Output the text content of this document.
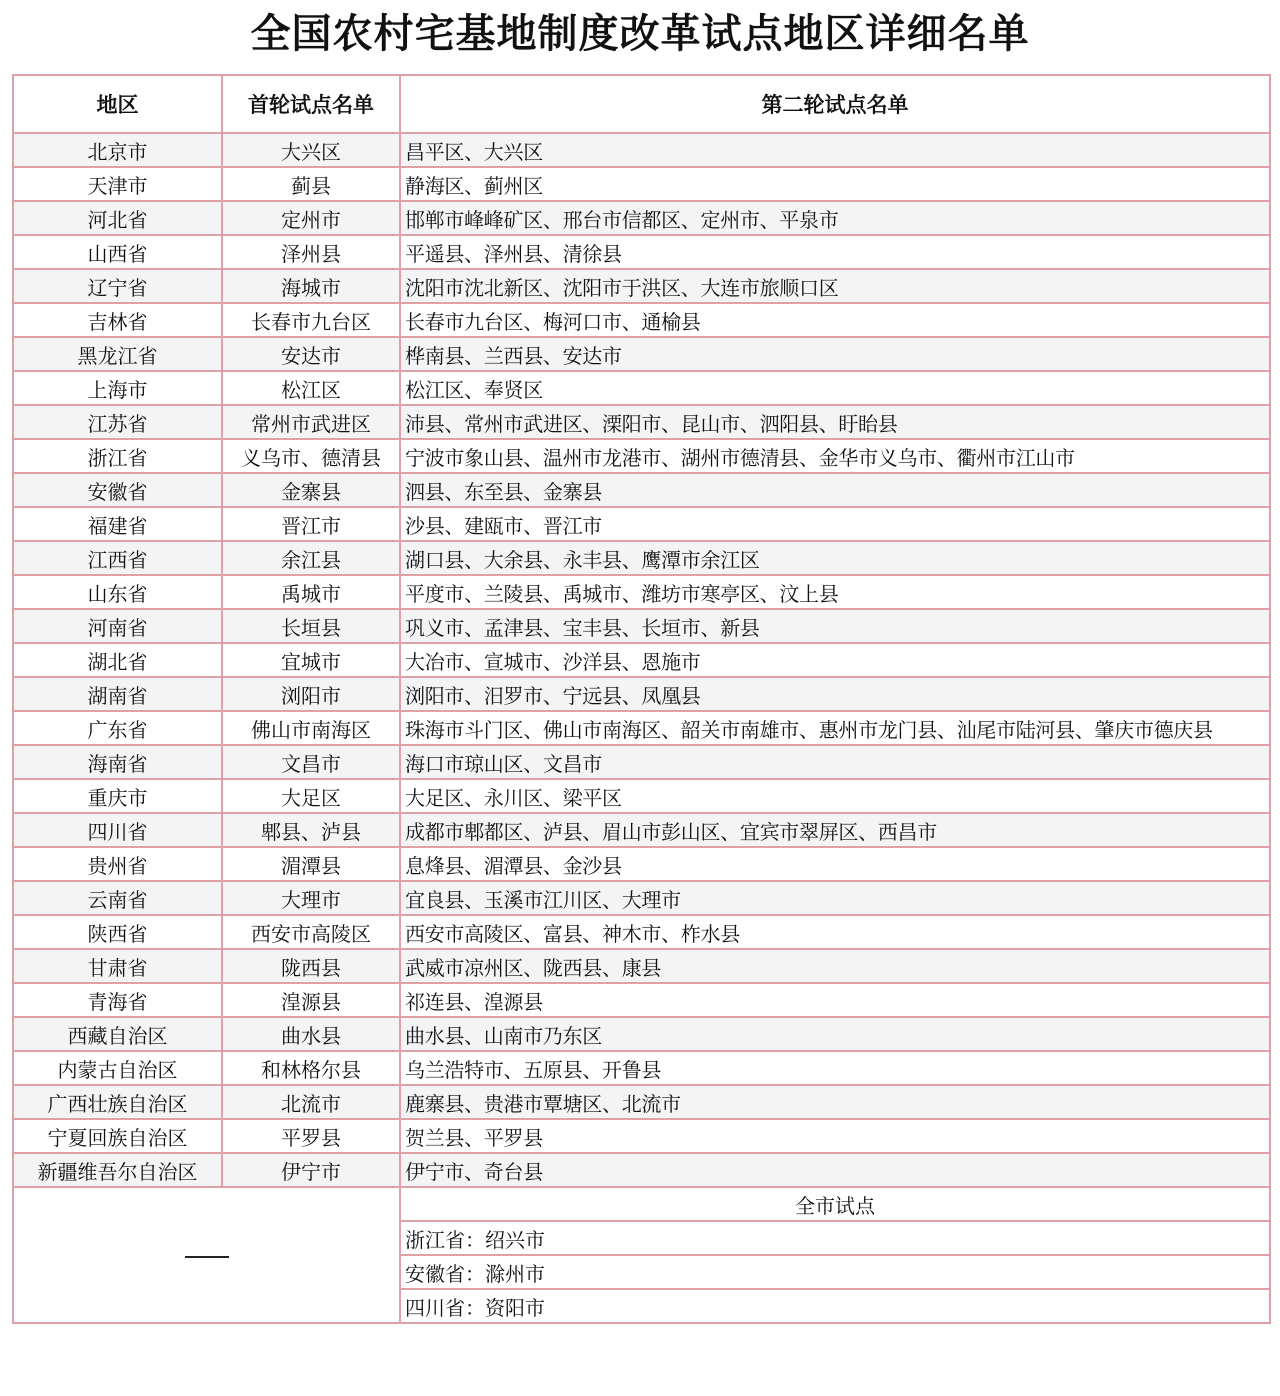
全国农村宅基地制度改革试点地区详细名单
地区	首轮试点名单	第二轮试点名单
北京市	大兴区	昌平区、大兴区
天津市	蓟县	静海区、蓟州区
河北省	定州市	邯郸市峰峰矿区、邢台市信都区、定州市、平泉市
山西省	泽州县	平遥县、泽州县、清徐县
辽宁省	海城市	沈阳市沈北新区、沈阳市于洪区、大连市旅顺口区
吉林省	长春市九台区	长春市九台区、梅河口市、通榆县
黑龙江省	安达市	桦南县、兰西县、安达市
上海市	松江区	松江区、奉贤区
江苏省	常州市武进区	沛县、常州市武进区、溧阳市、昆山市、泗阳县、盱眙县
浙江省	义乌市、德清县	宁波市象山县、温州市龙港市、湖州市德清县、金华市义乌市、衢州市江山市
安徽省	金寨县	泗县、东至县、金寨县
福建省	晋江市	沙县、建瓯市、晋江市
江西省	余江县	湖口县、大余县、永丰县、鹰潭市余江区
山东省	禹城市	平度市、兰陵县、禹城市、潍坊市寒亭区、汶上县
河南省	长垣县	巩义市、孟津县、宝丰县、长垣市、新县
湖北省	宜城市	大冶市、宣城市、沙洋县、恩施市
湖南省	浏阳市	浏阳市、汨罗市、宁远县、凤凰县
广东省	佛山市南海区	珠海市斗门区、佛山市南海区、韶关市南雄市、惠州市龙门县、汕尾市陆河县、肇庆市德庆县
海南省	文昌市	海口市琼山区、文昌市
重庆市	大足区	大足区、永川区、梁平区
四川省	郫县、泸县	成都市郫都区、泸县、眉山市彭山区、宜宾市翠屏区、西昌市
贵州省	湄潭县	息烽县、湄潭县、金沙县
云南省	大理市	宜良县、玉溪市江川区、大理市
陕西省	西安市高陵区	西安市高陵区、富县、神木市、柞水县
甘肃省	陇西县	武威市凉州区、陇西县、康县
青海省	湟源县	祁连县、湟源县
西藏自治区	曲水县	曲水县、山南市乃东区
内蒙古自治区	和林格尔县	乌兰浩特市、五原县、开鲁县
广西壮族自治区	北流市	鹿寨县、贵港市覃塘区、北流市
宁夏回族自治区	平罗县	贺兰县、平罗县
新疆维吾尔自治区	伊宁市	伊宁市、奇台县
		全市试点
		浙江省：绍兴市
		安徽省：滁州市
		四川省：资阳市
